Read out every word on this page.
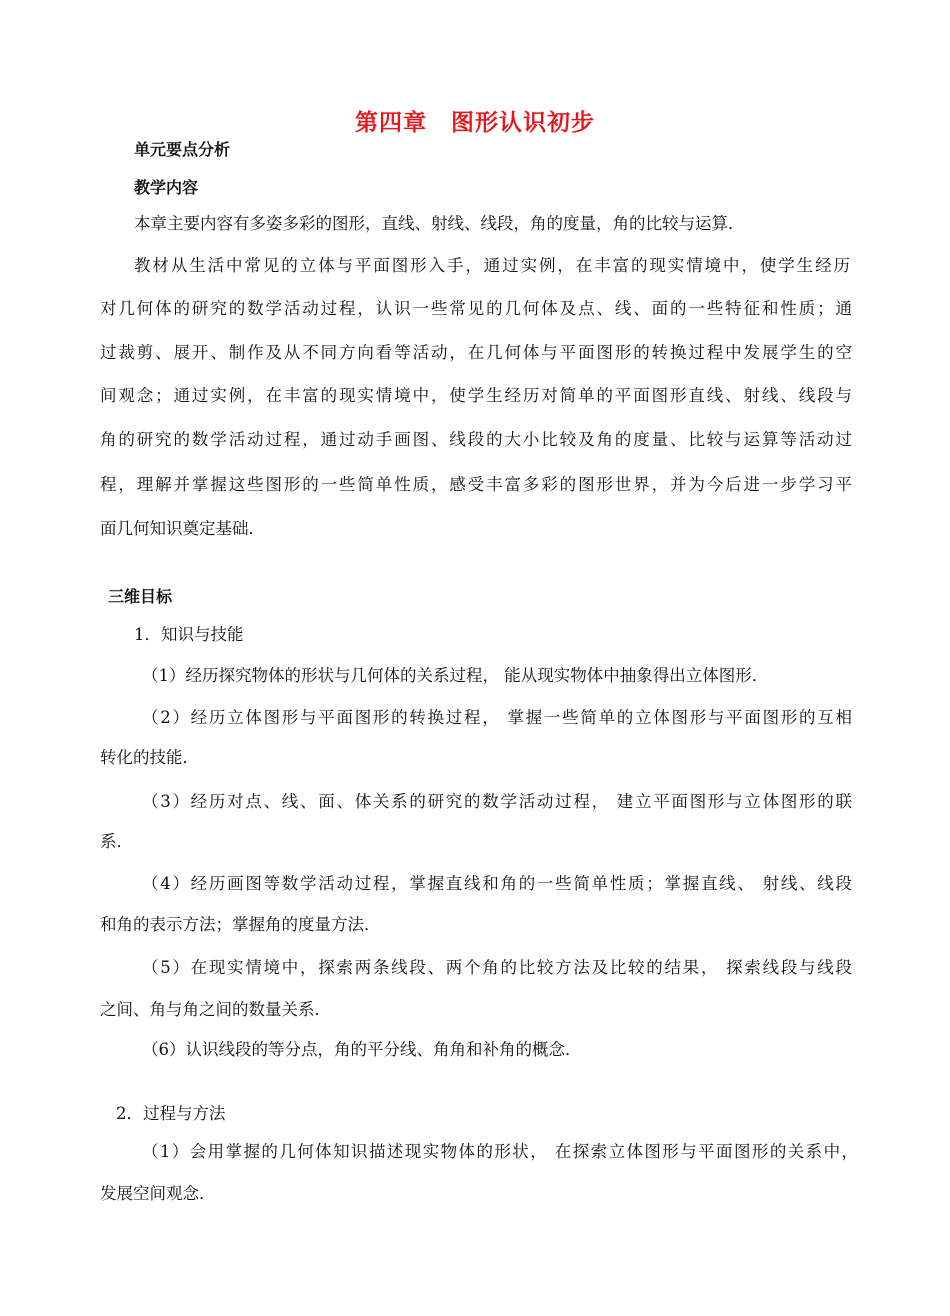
第四章　图形认识初步
单元要点分析
教学内容
本章主要内容有多姿多彩的图形，直线、射线、线段，角的度量，角的比较与运算．
教材从生活中常见的立体与平面图形入手，通过实例，在丰富的现实情境中，使学生经历
对几何体的研究的数学活动过程，认识一些常见的几何体及点、线、面的一些特征和性质；通
过裁剪、展开、制作及从不同方向看等活动，在几何体与平面图形的转换过程中发展学生的空
间观念；通过实例，在丰富的现实情境中，使学生经历对简单的平面图形直线、射线、线段与
角的研究的数学活动过程，通过动手画图、线段的大小比较及角的度量、比较与运算等活动过
程，理解并掌握这些图形的一些简单性质，感受丰富多彩的图形世界，并为今后进一步学习平
面几何知识奠定基础．
三维目标
1．知识与技能
（1）经历探究物体的形状与几何体的关系过程， 能从现实物体中抽象得出立体图形．
（2）经历立体图形与平面图形的转换过程， 掌握一些简单的立体图形与平面图形的互相
转化的技能．
（3）经历对点、线、面、体关系的研究的数学活动过程， 建立平面图形与立体图形的联
系．
（4）经历画图等数学活动过程，掌握直线和角的一些简单性质；掌握直线、 射线、线段
和角的表示方法；掌握角的度量方法．
（5）在现实情境中，探索两条线段、两个角的比较方法及比较的结果， 探索线段与线段
之间、角与角之间的数量关系．
（6）认识线段的等分点，角的平分线、角角和补角的概念．
2．过程与方法
（1）会用掌握的几何体知识描述现实物体的形状， 在探索立体图形与平面图形的关系中，
发展空间观念．
